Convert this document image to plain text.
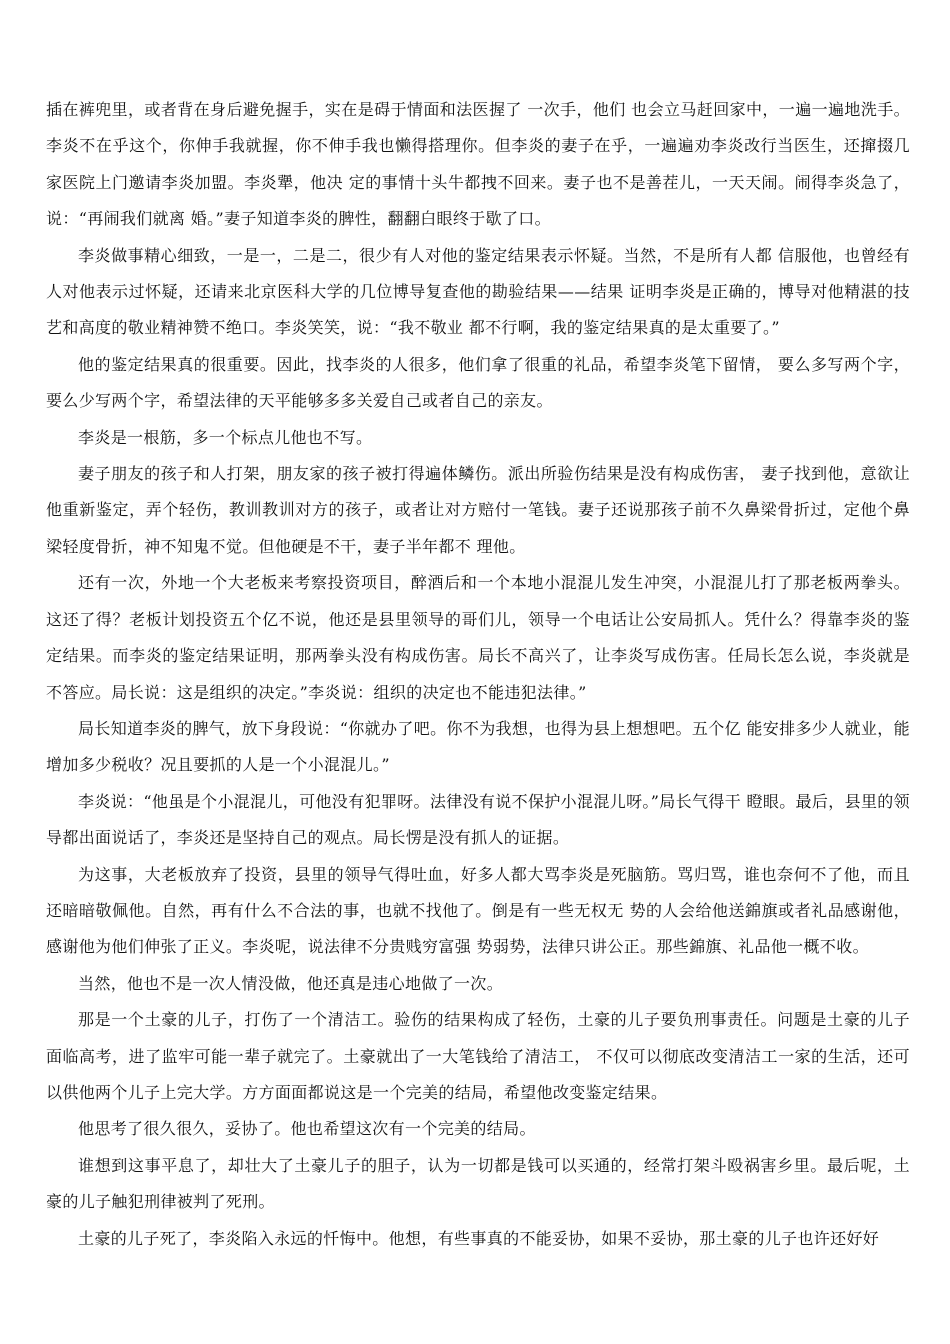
插在裤兜里，或者背在身后避免握手，实在是碍于情面和法医握了 一次手，他们 也会立马赶回家中，一遍一遍地洗手。李炎不在乎这个，你伸手我就握，你不伸手我也懒得搭理你。但李炎的妻子在乎，一遍遍劝李炎改行当医生，还撺掇几家医院上门邀请李炎加盟。李炎犟，他决 定的事情十头牛都拽不回来。妻子也不是善茬儿，一天天闹。闹得李炎急了，说：“再闹我们就离 婚。”妻子知道李炎的脾性，翻翻白眼终于歇了口。

李炎做事精心细致，一是一，二是二，很少有人对他的鉴定结果表示怀疑。当然，不是所有人都 信服他，也曾经有人对他表示过怀疑，还请来北京医科大学的几位博导复查他的勘验结果——结果 证明李炎是正确的，博导对他精湛的技艺和高度的敬业精神赞不绝口。李炎笑笑，说：“我不敬业 都不行啊，我的鉴定结果真的是太重要了。”

他的鉴定结果真的很重要。因此，找李炎的人很多，他们拿了很重的礼品，希望李炎笔下留情， 要么多写两个字，要么少写两个字，希望法律的天平能够多多关爱自己或者自己的亲友。

李炎是一根筋，多一个标点儿他也不写。

妻子朋友的孩子和人打架，朋友家的孩子被打得遍体鳞伤。派出所验伤结果是没有构成伤害， 妻子找到他，意欲让他重新鉴定，弄个轻伤，教训教训对方的孩子，或者让对方赔付一笔钱。妻子还说那孩子前不久鼻梁骨折过，定他个鼻梁轻度骨折，神不知鬼不觉。但他硬是不干，妻子半年都不 理他。

还有一次，外地一个大老板来考察投资项目，醉酒后和一个本地小混混儿发生冲突，小混混儿打了那老板两拳头。这还了得？老板计划投资五个亿不说，他还是县里领导的哥们儿，领导一个电话让公安局抓人。凭什么？得靠李炎的鉴定结果。而李炎的鉴定结果证明，那两拳头没有构成伤害。局长不高兴了，让李炎写成伤害。任局长怎么说，李炎就是不答应。局长说：这是组织的决定。”李炎说：组织的决定也不能违犯法律。”

局长知道李炎的脾气，放下身段说：“你就办了吧。你不为我想，也得为县上想想吧。五个亿 能安排多少人就业，能增加多少税收？况且要抓的人是一个小混混儿。”

李炎说：“他虽是个小混混儿，可他没有犯罪呀。法律没有说不保护小混混儿呀。”局长气得干 瞪眼。最后，县里的领导都出面说话了，李炎还是坚持自己的观点。局长愣是没有抓人的证据。

为这事，大老板放弃了投资，县里的领导气得吐血，好多人都大骂李炎是死脑筋。骂归骂，谁也奈何不了他，而且还暗暗敬佩他。自然，再有什么不合法的事，也就不找他了。倒是有一些无权无 势的人会给他送錦旗或者礼品感谢他，感谢他为他们伸张了正义。李炎呢，说法律不分贵贱穷富强 势弱势，法律只讲公正。那些錦旗、礼品他一概不收。

当然，他也不是一次人情没做，他还真是违心地做了一次。

那是一个土豪的儿子，打伤了一个清洁工。验伤的结果构成了轻伤，土豪的儿子要负刑事责任。问题是土豪的儿子面临高考，进了监牢可能一辈子就完了。土豪就出了一大笔钱给了清洁工， 不仅可以彻底改变清洁工一家的生活，还可以供他两个儿子上完大学。方方面面都说这是一个完美的结局，希望他改变鉴定结果。

他思考了很久很久，妥协了。他也希望这次有一个完美的结局。

谁想到这事平息了，却壮大了土豪儿子的胆子，认为一切都是钱可以买通的，经常打架斗殴祸害乡里。最后呢，土豪的儿子触犯刑律被判了死刑。

土豪的儿子死了，李炎陷入永远的忏悔中。他想，有些事真的不能妥协，如果不妥协，那土豪的儿子也许还好好
